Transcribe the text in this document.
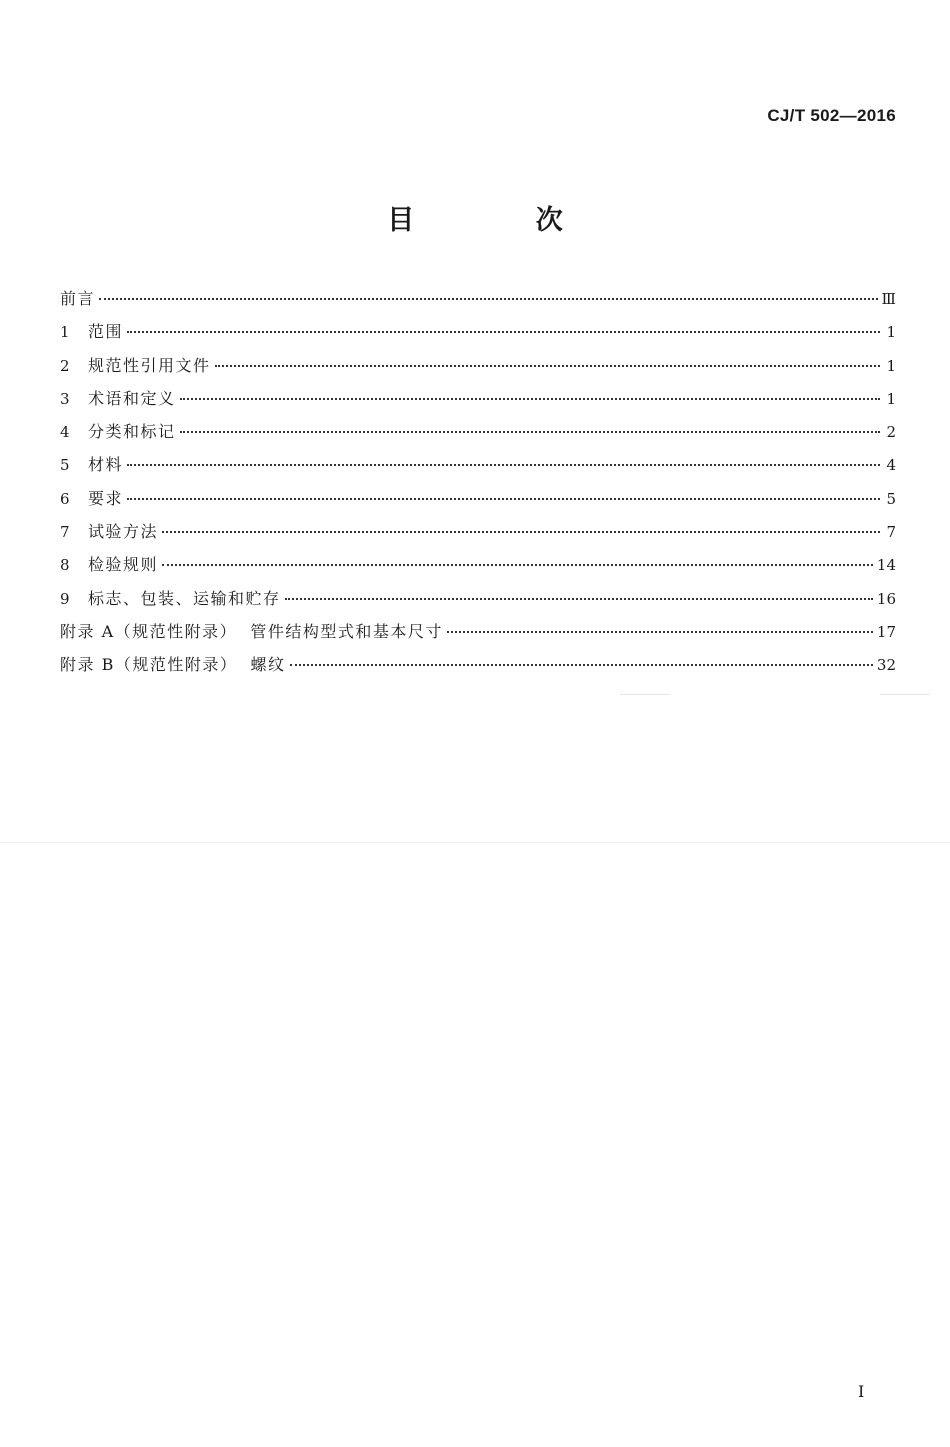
CJ/T 502—2016
目 次
前言	Ⅲ
1	范围	1
2	规范性引用文件	1
3	术语和定义	1
4	分类和标记	2
5	材料	4
6	要求	5
7	试验方法	7
8	检验规则	14
9	标志、包装、运输和贮存	16
附录 A（规范性附录）  管件结构型式和基本尺寸	17
附录 B（规范性附录）  螺纹	32
I
